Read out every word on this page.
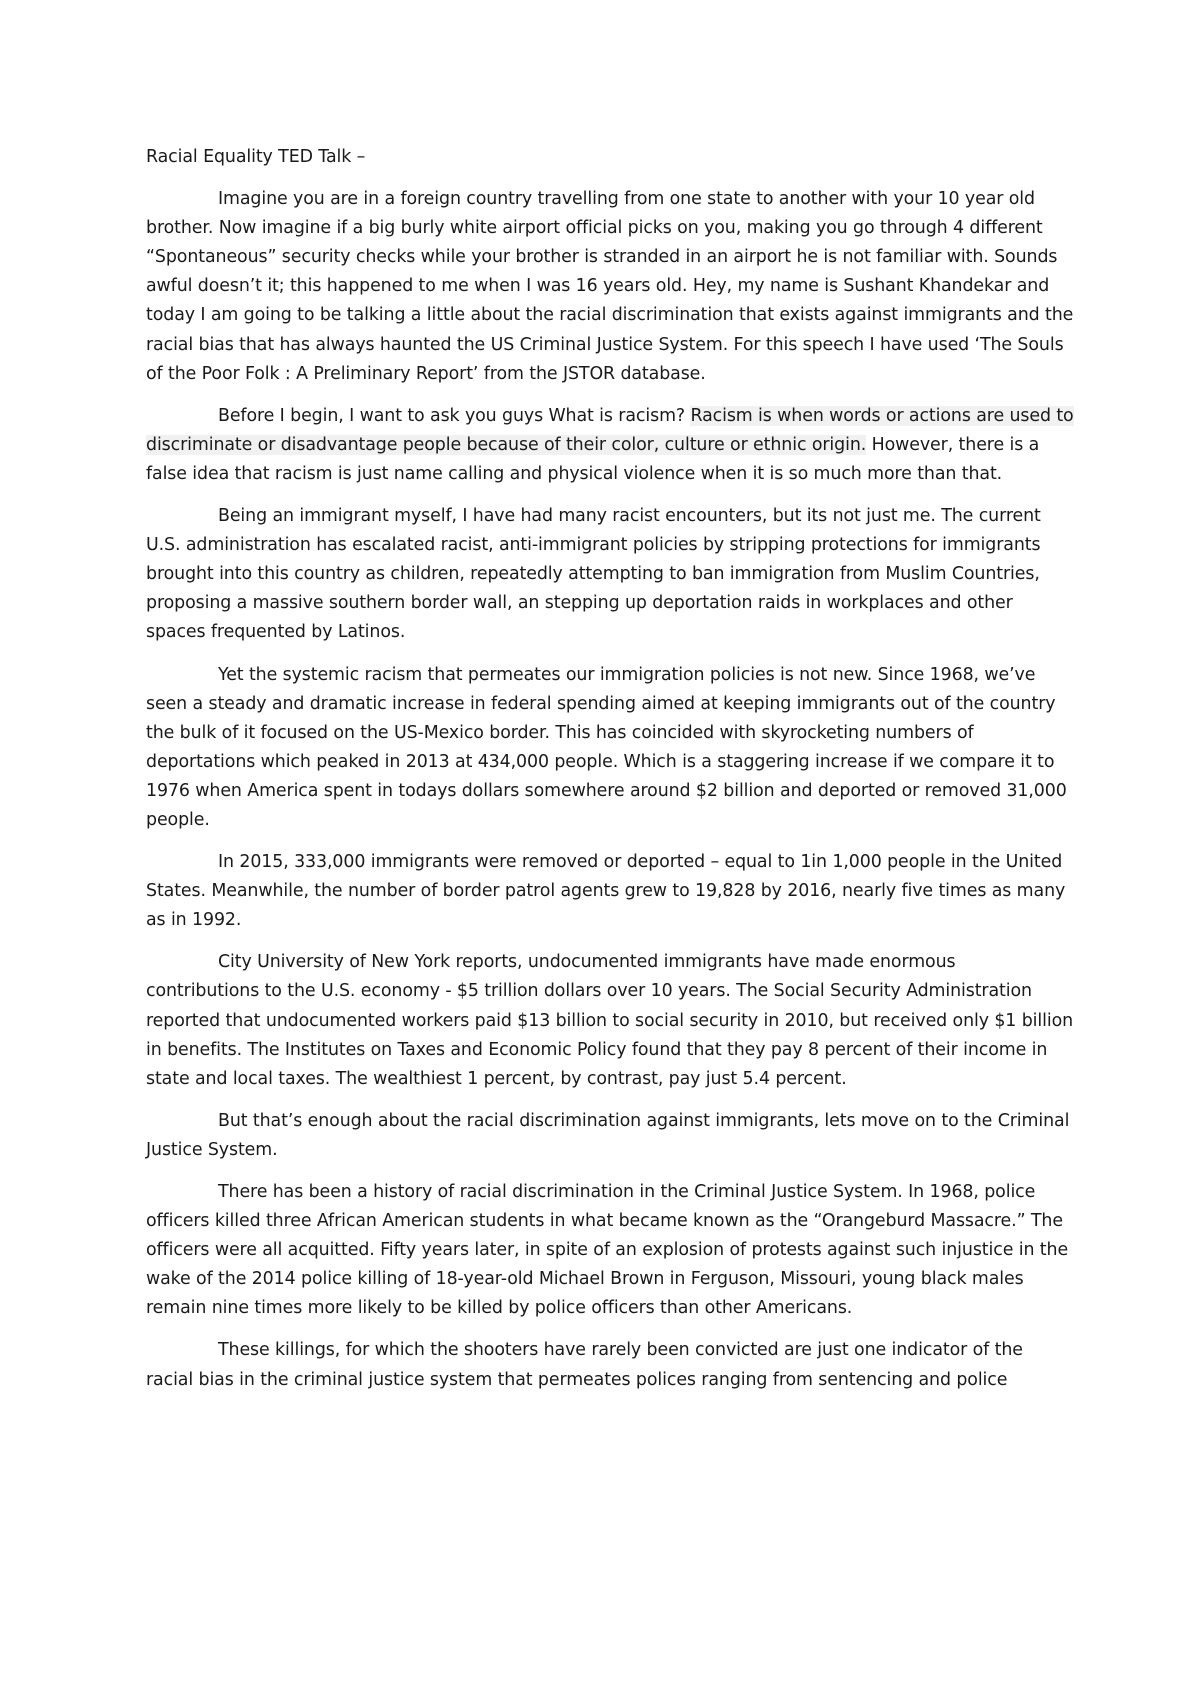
Racial Equality TED Talk –

Imagine you are in a foreign country travelling from one state to another with your 10 year old brother. Now imagine if a big burly white airport official picks on you, making you go through 4 different “Spontaneous” security checks while your brother is stranded in an airport he is not familiar with. Sounds awful doesn’t it; this happened to me when I was 16 years old. Hey, my name is Sushant Khandekar and today I am going to be talking a little about the racial discrimination that exists against immigrants and the racial bias that has always haunted the US Criminal Justice System. For this speech I have used ‘The Souls of the Poor Folk : A Preliminary Report’ from the JSTOR database.

Before I begin, I want to ask you guys What is racism? Racism is when words or actions are used to discriminate or disadvantage people because of their color, culture or ethnic origin. However, there is a false idea that racism is just name calling and physical violence when it is so much more than that.

Being an immigrant myself, I have had many racist encounters, but its not just me. The current U.S. administration has escalated racist, anti-immigrant policies by stripping protections for immigrants brought into this country as children, repeatedly attempting to ban immigration from Muslim Countries, proposing a massive southern border wall, an stepping up deportation raids in workplaces and other spaces frequented by Latinos.

Yet the systemic racism that permeates our immigration policies is not new. Since 1968, we’ve seen a steady and dramatic increase in federal spending aimed at keeping immigrants out of the country the bulk of it focused on the US-Mexico border. This has coincided with skyrocketing numbers of deportations which peaked in 2013 at 434,000 people. Which is a staggering increase if we compare it to 1976 when America spent in todays dollars somewhere around $2 billion and deported or removed 31,000 people.

In 2015, 333,000 immigrants were removed or deported – equal to 1in 1,000 people in the United States. Meanwhile, the number of border patrol agents grew to 19,828 by 2016, nearly five times as many as in 1992.

City University of New York reports, undocumented immigrants have made enormous contributions to the U.S. economy - $5 trillion dollars over 10 years. The Social Security Administration reported that undocumented workers paid $13 billion to social security in 2010, but received only $1 billion in benefits. The Institutes on Taxes and Economic Policy found that they pay 8 percent of their income in state and local taxes. The wealthiest 1 percent, by contrast, pay just 5.4 percent.

But that’s enough about the racial discrimination against immigrants, lets move on to the Criminal Justice System.

There has been a history of racial discrimination in the Criminal Justice System. In 1968, police officers killed three African American students in what became known as the “Orangeburd Massacre.” The officers were all acquitted. Fifty years later, in spite of an explosion of protests against such injustice in the wake of the 2014 police killing of 18-year-old Michael Brown in Ferguson, Missouri, young black males remain nine times more likely to be killed by police officers than other Americans.

These killings, for which the shooters have rarely been convicted are just one indicator of the racial bias in the criminal justice system that permeates polices ranging from sentencing and police
